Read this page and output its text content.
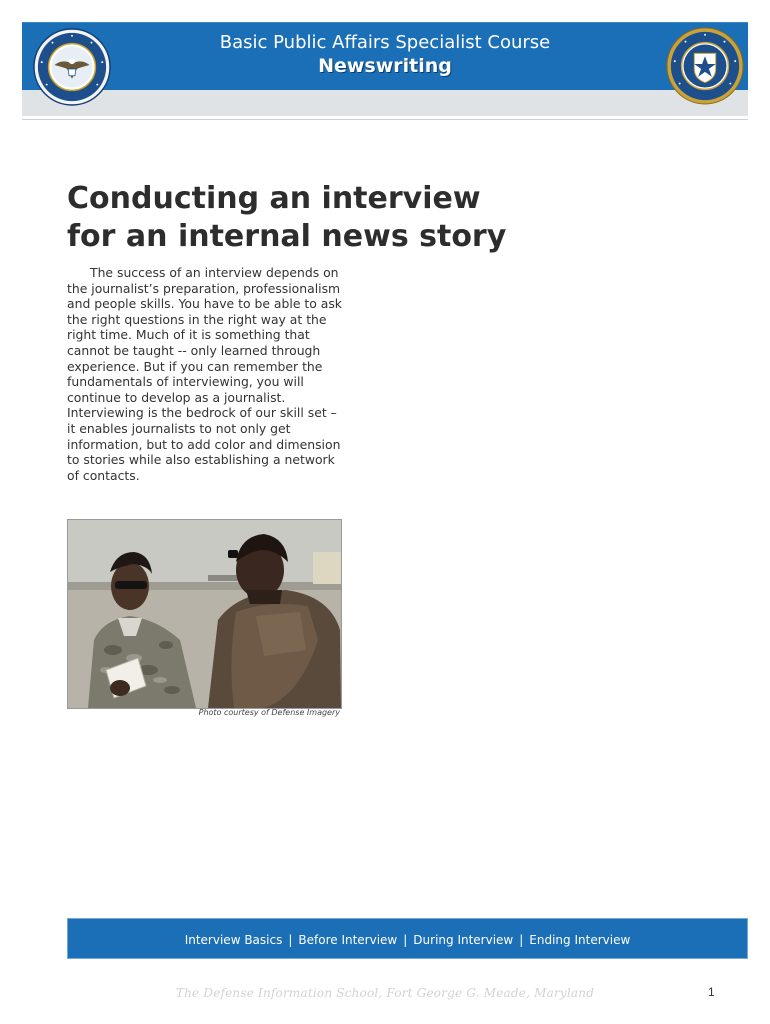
Basic Public Affairs Specialist Course
Newswriting
Conducting an interview
for an internal news story

The success of an interview depends on the journalist’s preparation, professionalism and people skills. You have to be able to ask the right questions in the right way at the right time. Much of it is something that cannot be taught -- only learned through experience. But if you can remember the fundamentals of interviewing, you will continue to develop as a journalist. Interviewing is the bedrock of our skill set – it enables journalists to not only get information, but to add color and dimension to stories while also establishing a network of contacts.

Photo courtesy of Defense Imagery
Interview Basics | Before Interview | During Interview | Ending Interview
The Defense Information School, Fort George G. Meade, Maryland	1
